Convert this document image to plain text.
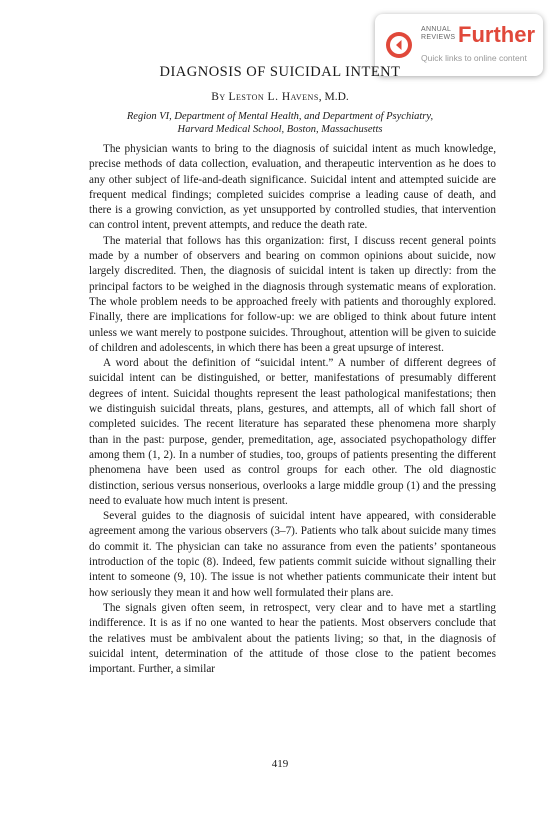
ANNUAL
REVIEWS Further
Quick links to online content
DIAGNOSIS OF SUICIDAL INTENT
By Leston L. Havens, M.D.
Region VI, Department of Mental Health, and Department of Psychiatry,
Harvard Medical School, Boston, Massachusetts

The physician wants to bring to the diagnosis of suicidal intent as much knowledge, precise methods of data collection, evaluation, and therapeutic intervention as he does to any other subject of life-and-death significance. Suicidal intent and attempted suicide are frequent medical findings; completed suicides comprise a leading cause of death, and there is a growing conviction, as yet unsupported by controlled studies, that intervention can control intent, prevent attempts, and reduce the death rate.

The material that follows has this organization: first, I discuss recent general points made by a number of observers and bearing on common opinions about suicide, now largely discredited. Then, the diagnosis of suicidal intent is taken up directly: from the principal factors to be weighed in the diagnosis through systematic means of exploration. The whole problem needs to be approached freely with patients and thoroughly explored. Finally, there are implications for follow-up: we are obliged to think about future intent unless we want merely to postpone suicides. Throughout, attention will be given to suicide of children and adolescents, in which there has been a great upsurge of interest.

A word about the definition of “suicidal intent.” A number of different degrees of suicidal intent can be distinguished, or better, manifestations of presumably different degrees of intent. Suicidal thoughts represent the least pathological manifestations; then we distinguish suicidal threats, plans, gestures, and attempts, all of which fall short of completed suicides. The recent literature has separated these phenomena more sharply than in the past: purpose, gender, premeditation, age, associated psychopathology differ among them (1, 2). In a number of studies, too, groups of patients presenting the different phenomena have been used as control groups for each other. The old diagnostic distinction, serious versus nonserious, overlooks a large middle group (1) and the pressing need to evaluate how much intent is present.

Several guides to the diagnosis of suicidal intent have appeared, with considerable agreement among the various observers (3–7). Patients who talk about suicide many times do commit it. The physician can take no assurance from even the patients’ spontaneous introduction of the topic (8). Indeed, few patients commit suicide without signalling their intent to someone (9, 10). The issue is not whether patients communicate their intent but how seriously they mean it and how well formulated their plans are.

The signals given often seem, in retrospect, very clear and to have met a startling indifference. It is as if no one wanted to hear the patients. Most observers conclude that the relatives must be ambivalent about the patients living; so that, in the diagnosis of suicidal intent, determination of the attitude of those close to the patient becomes important. Further, a similar

419
